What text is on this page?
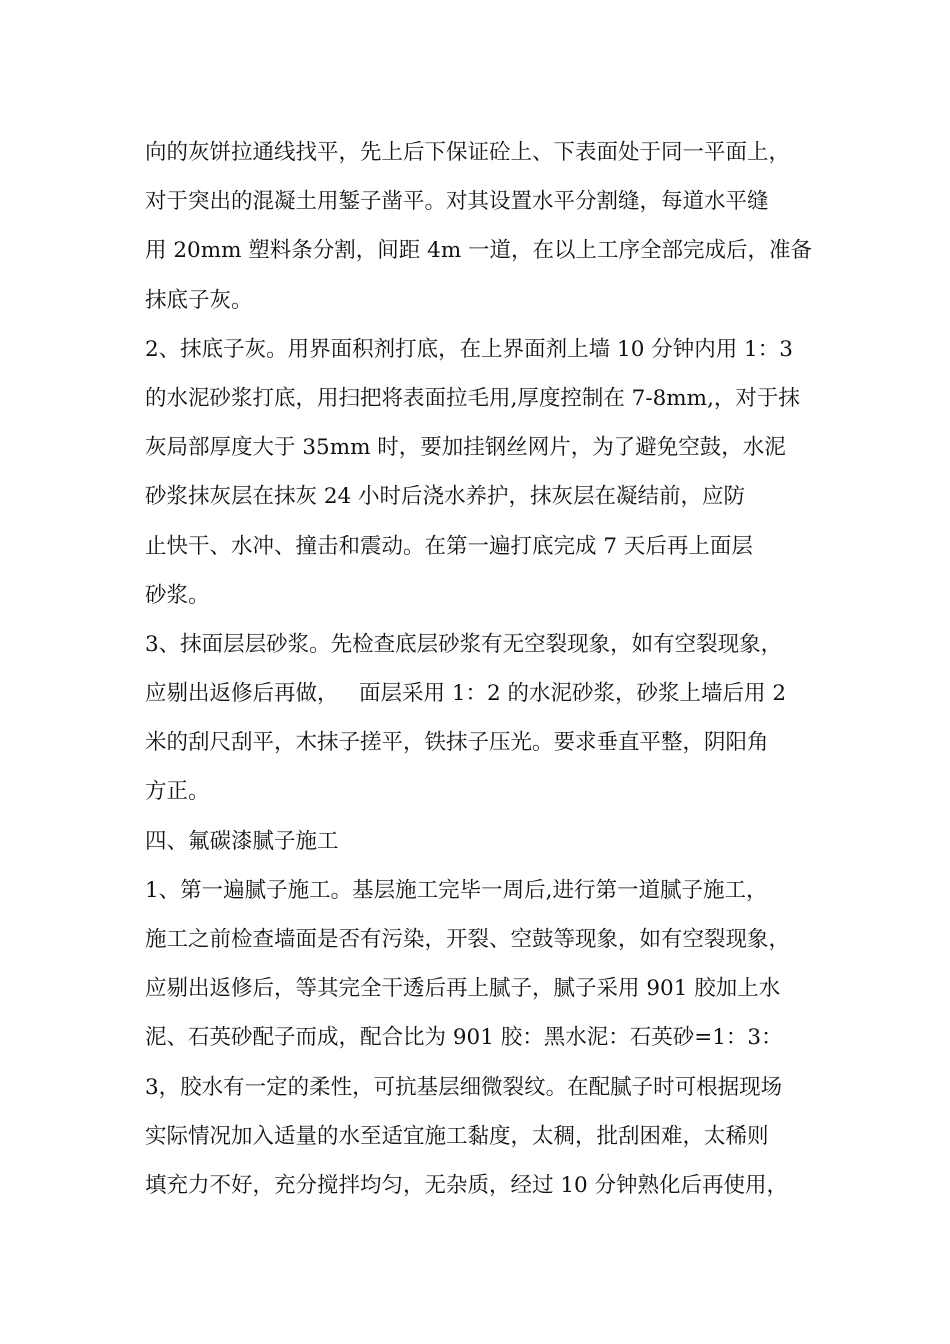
向的灰饼拉通线找平，先上后下保证砼上、下表面处于同一平面上，
对于突出的混凝土用錾子凿平。对其设置水平分割缝，每道水平缝
用 20mm 塑料条分割，间距 4m 一道，在以上工序全部完成后，准备
抹底子灰。
2、抹底子灰。用界面积剂打底，在上界面剂上墙 10 分钟内用 1：3
的水泥砂浆打底，用扫把将表面拉毛用,厚度控制在 7-8mm,，对于抹
灰局部厚度大于 35mm 时，要加挂钢丝网片，为了避免空鼓，水泥
砂浆抹灰层在抹灰 24 小时后浇水养护，抹灰层在凝结前，应防
止快干、水冲、撞击和震动。在第一遍打底完成 7 天后再上面层
砂浆。
3、抹面层层砂浆。先检查底层砂浆有无空裂现象，如有空裂现象，
应剔出返修后再做，   面层采用 1：2 的水泥砂浆，砂浆上墙后用 2
米的刮尺刮平，木抹子搓平，铁抹子压光。要求垂直平整，阴阳角
方正。
四、氟碳漆腻子施工
1、第一遍腻子施工。基层施工完毕一周后,进行第一道腻子施工，
施工之前检查墙面是否有污染，开裂、空鼓等现象，如有空裂现象，
应剔出返修后，等其完全干透后再上腻子，腻子采用 901 胶加上水
泥、石英砂配子而成，配合比为 901 胶：黑水泥：石英砂=1：3：
3，胶水有一定的柔性，可抗基层细微裂纹。在配腻子时可根据现场
实际情况加入适量的水至适宜施工黏度，太稠，批刮困难，太稀则
填充力不好，充分搅拌均匀，无杂质，经过 10 分钟熟化后再使用，
